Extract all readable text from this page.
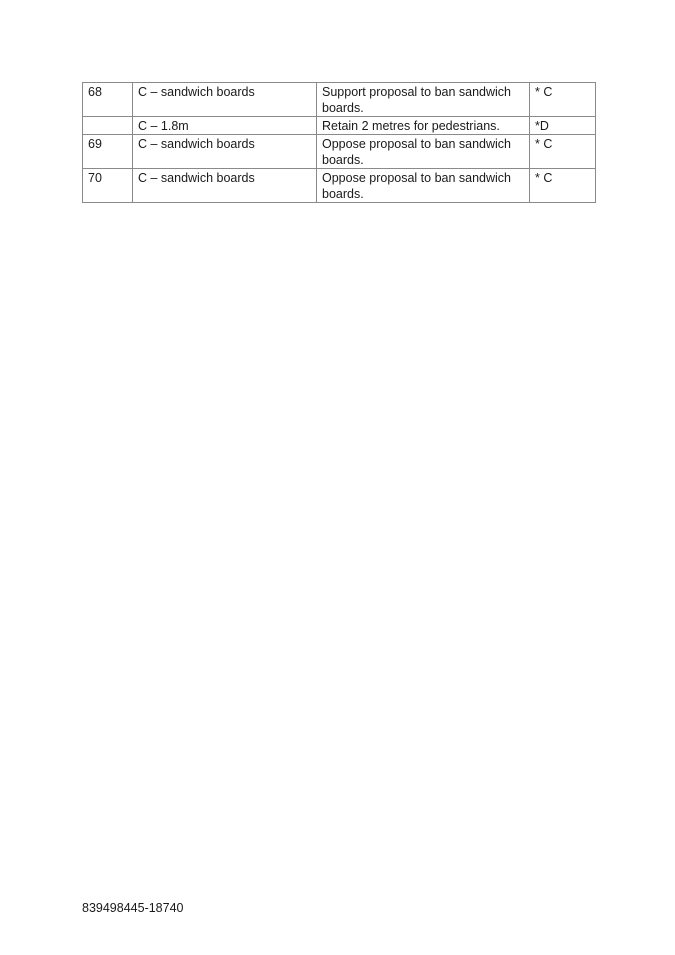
68	C – sandwich boards	Support proposal to ban sandwich boards.	* C
	C – 1.8m	Retain 2 metres for pedestrians.	*D
69	C – sandwich boards	Oppose proposal to ban sandwich boards.	* C
70	C – sandwich boards	Oppose proposal to ban sandwich boards.	* C
839498445-18740
